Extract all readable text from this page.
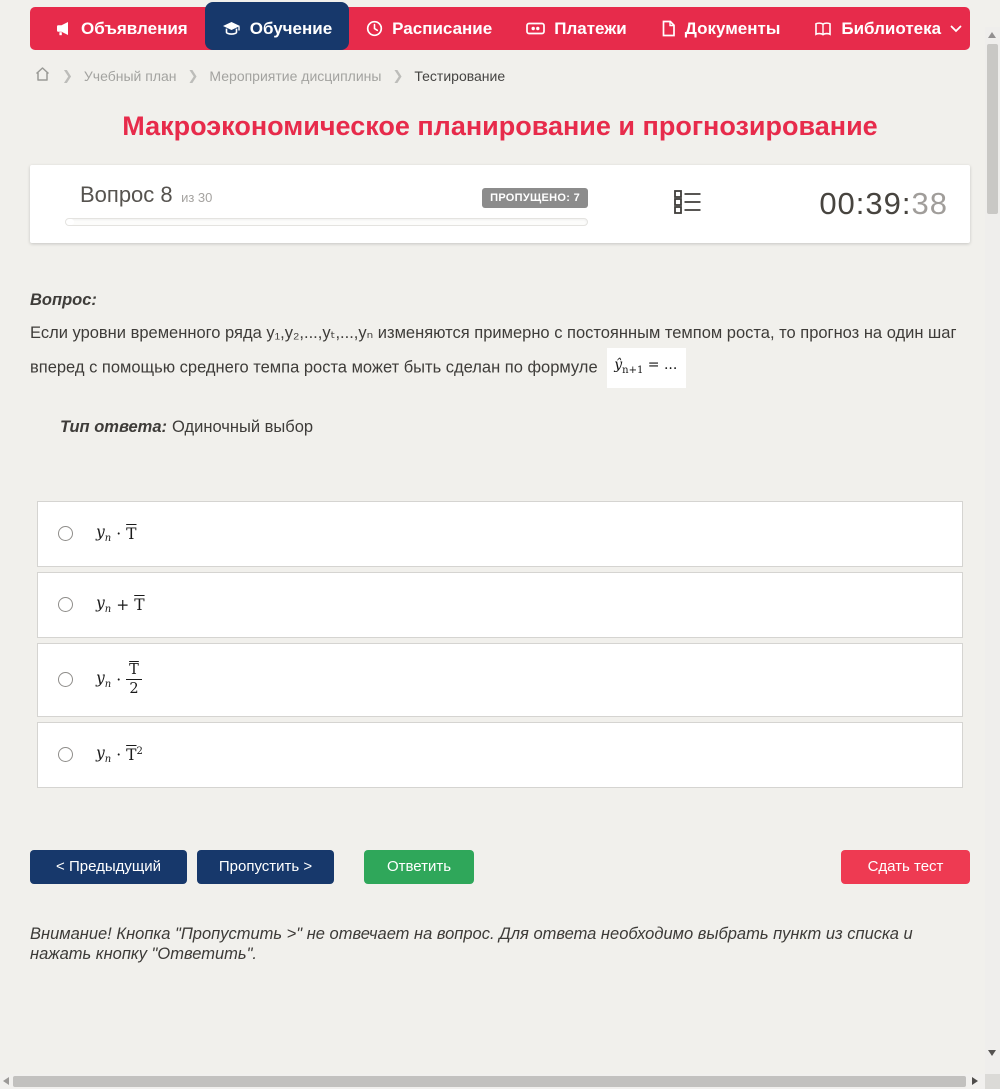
Объявления	Обучение	Расписание	Платежи	Документы	Библиотека
❯ Учебный план ❯ Мероприятие дисциплины ❯ Тестирование
Макроэкономическое планирование и прогнозирование
Вопрос 8 из 30	ПРОПУЩЕНО: 7	00:39:38
Вопрос:
Если уровни временного ряда y₁,y₂,...,yₜ,...,yₙ изменяются примерно с постоянным темпом роста, то прогноз на один шаг вперед с помощью среднего темпа роста может быть сделан по формуле $ŷ_{n+1}$ = ...
Тип ответа: Одиночный выбор
$y_n \cdot \overline{T}$
$y_n + \overline{T}$
$y_n \cdot \frac{\overline{T}}{2}$
$y_n \cdot \overline{T}^2$
< Предыдущий	Пропустить >	Ответить	Сдать тест
Внимание! Кнопка "Пропустить >" не отвечает на вопрос. Для ответа необходимо выбрать пункт из списка и нажать кнопку "Ответить".
